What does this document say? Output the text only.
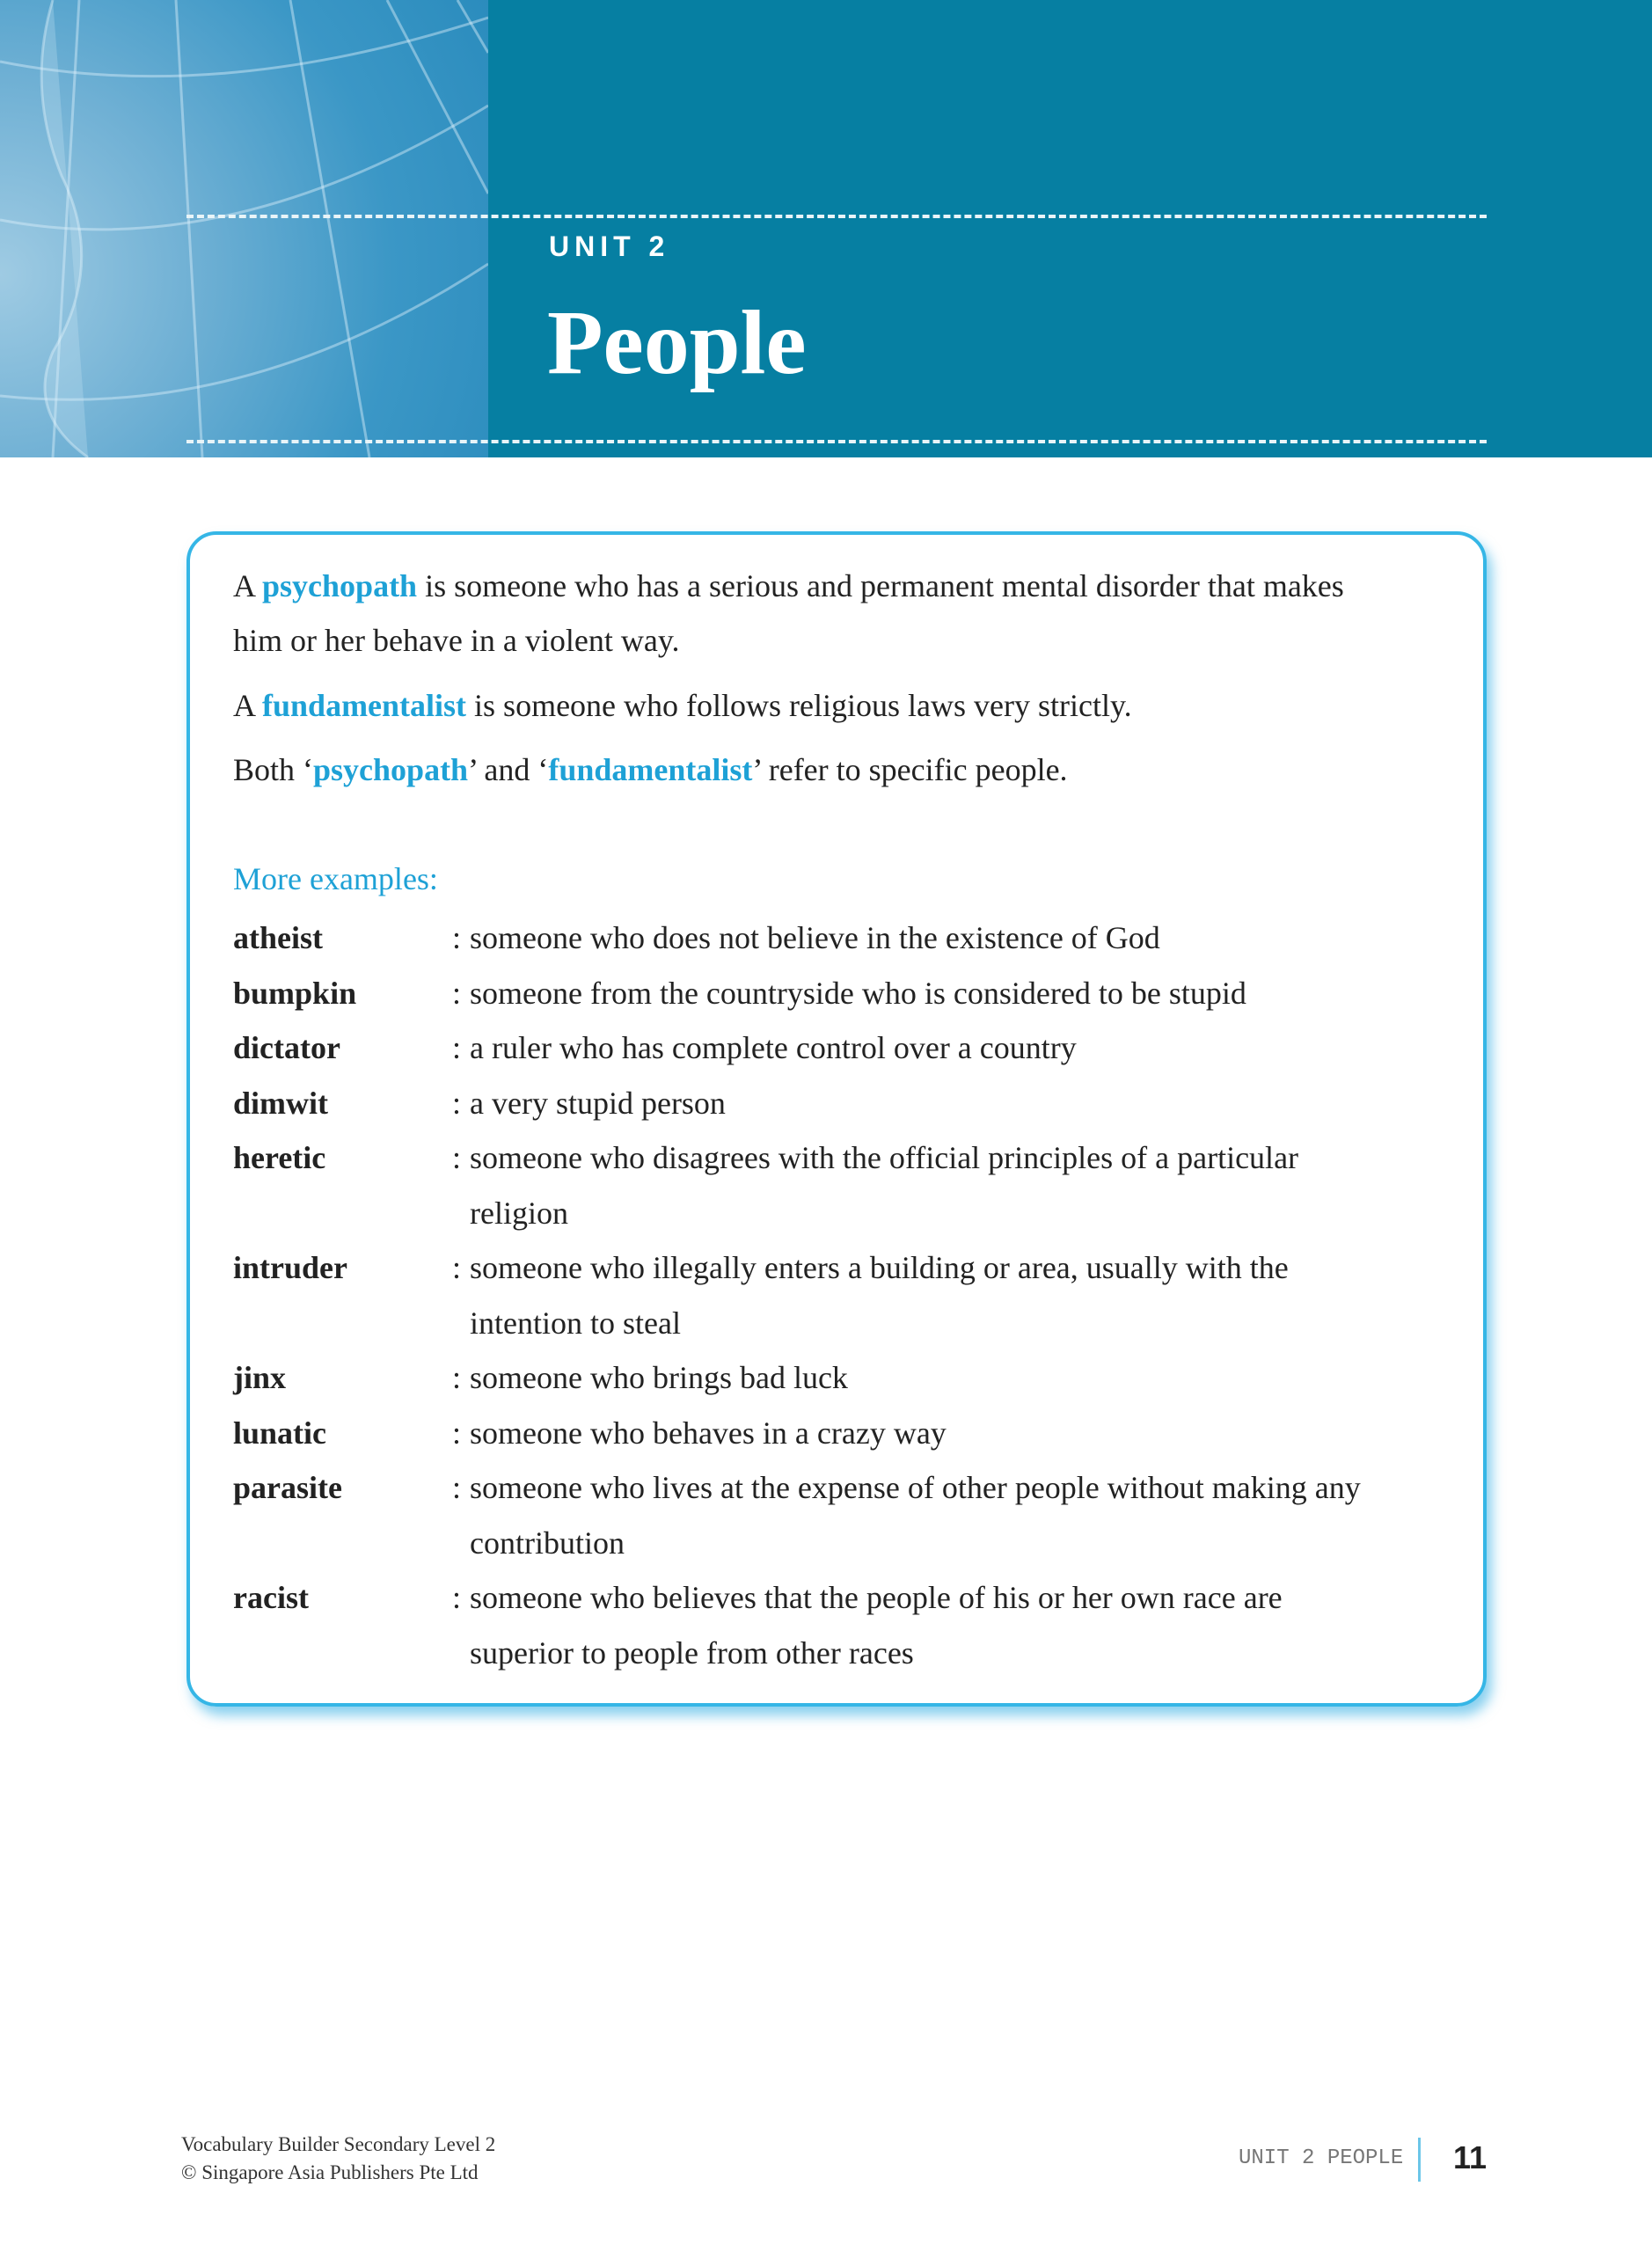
UNIT 2
People
A psychopath is someone who has a serious and permanent mental disorder that makes
him or her behave in a violent way.
A fundamentalist is someone who follows religious laws very strictly.
Both ‘psychopath’ and ‘fundamentalist’ refer to specific people.
More examples:
atheist	: someone who does not believe in the existence of God
bumpkin	: someone from the countryside who is considered to be stupid
dictator	: a ruler who has complete control over a country
dimwit	: a very stupid person
heretic	: someone who disagrees with the official principles of a particular
religion
intruder	: someone who illegally enters a building or area, usually with the
intention to steal
jinx	: someone who brings bad luck
lunatic	: someone who behaves in a crazy way
parasite	: someone who lives at the expense of other people without making any
contribution
racist	: someone who believes that the people of his or her own race are
superior to people from other races
Vocabulary Builder Secondary Level 2
© Singapore Asia Publishers Pte Ltd
UNIT 2 PEOPLE 11
